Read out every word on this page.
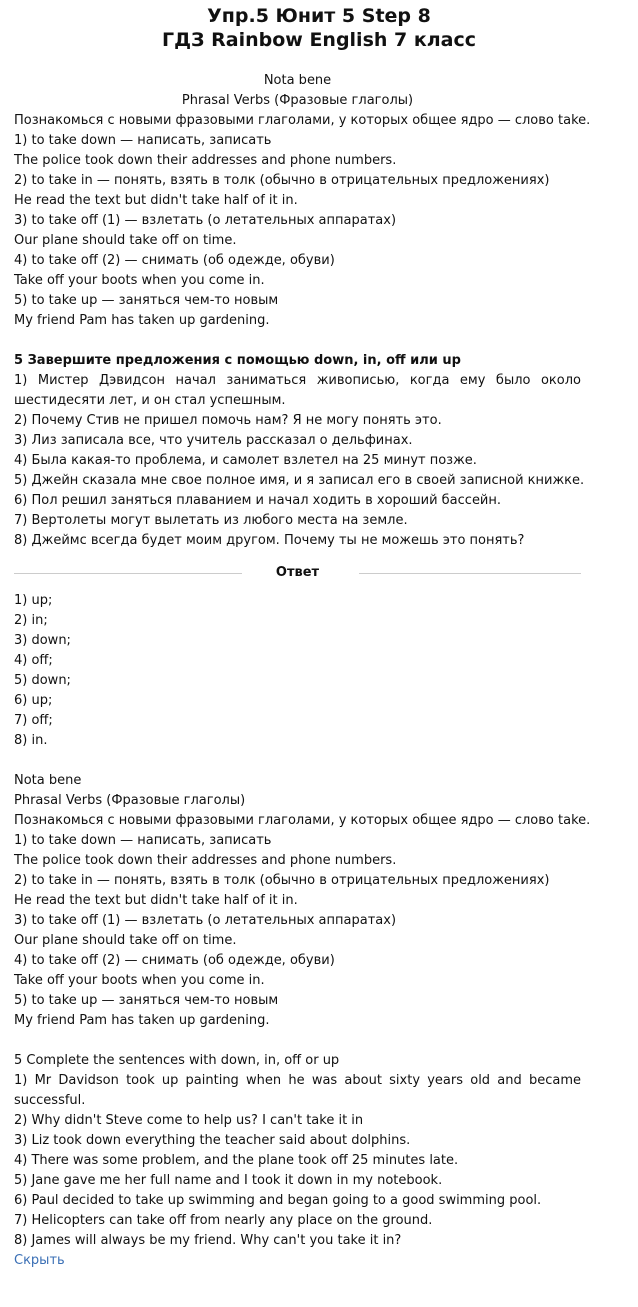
Упр.5 Юнит 5 Step 8
ГДЗ Rainbow English 7 класс
Nota bene
Phrasal Verbs (Фразовые глаголы)
Познакомься с новыми фразовыми глаголами, у которых общее ядро — слово take.
1) to take down — написать, записать
The police took down their addresses and phone numbers.
2) to take in — понять, взять в толк (обычно в отрицательных предложениях)
He read the text but didn't take half of it in.
3) to take off (1) — взлетать (о летательных аппаратах)
Our plane should take off on time.
4) to take off (2) — снимать (об одежде, обуви)
Take off your boots when you come in.
5) to take up — заняться чем-то новым
My friend Pam has taken up gardening.
5 Завершите предложения с помощью down, in, off или up
1) Мистер Дэвидсон начал заниматься живописью, когда ему было около
шестидесяти лет, и он стал успешным.
2) Почему Стив не пришел помочь нам? Я не могу понять это.
3) Лиз записала все, что учитель рассказал о дельфинах.
4) Была какая-то проблема, и самолет взлетел на 25 минут позже.
5) Джейн сказала мне свое полное имя, и я записал его в своей записной книжке.
6) Пол решил заняться плаванием и начал ходить в хороший бассейн.
7) Вертолеты могут вылетать из любого места на земле.
8) Джеймс всегда будет моим другом. Почему ты не можешь это понять?
Ответ
1) up;
2) in;
3) down;
4) off;
5) down;
6) up;
7) off;
8) in.
Nota bene
Phrasal Verbs (Фразовые глаголы)
Познакомься с новыми фразовыми глаголами, у которых общее ядро — слово take.
1) to take down — написать, записать
The police took down their addresses and phone numbers.
2) to take in — понять, взять в толк (обычно в отрицательных предложениях)
He read the text but didn't take half of it in.
3) to take off (1) — взлетать (о летательных аппаратах)
Our plane should take off on time.
4) to take off (2) — снимать (об одежде, обуви)
Take off your boots when you come in.
5) to take up — заняться чем-то новым
My friend Pam has taken up gardening.
5 Complete the sentences with down, in, off or up
1) Mr Davidson took up painting when he was about sixty years old and became
successful.
2) Why didn't Steve come to help us? I can't take it in
3) Liz took down everything the teacher said about dolphins.
4) There was some problem, and the plane took off 25 minutes late.
5) Jane gave me her full name and I took it down in my notebook.
6) Paul decided to take up swimming and began going to a good swimming pool.
7) Helicopters can take off from nearly any place on the ground.
8) James will always be my friend. Why can't you take it in?
Скрыть
